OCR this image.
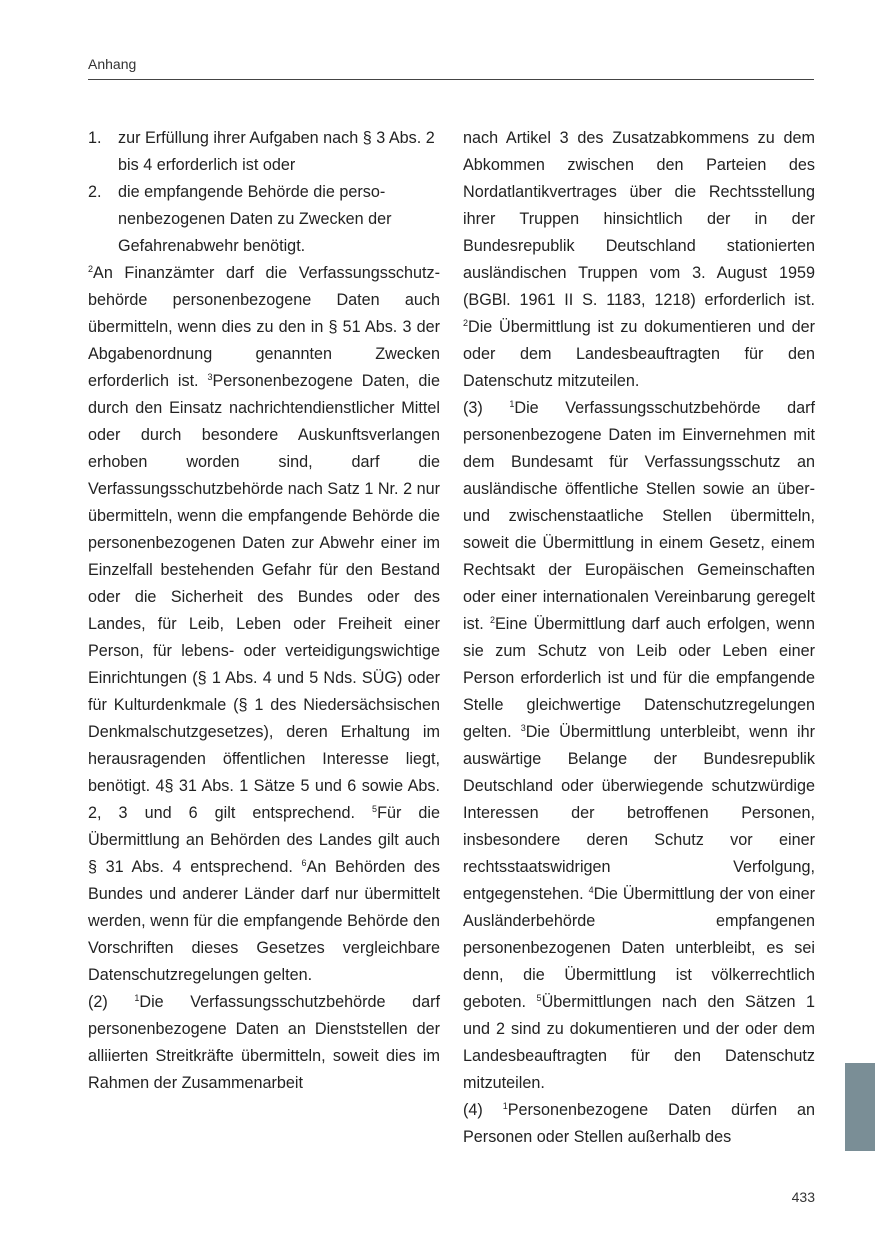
Anhang
1.	zur Erfüllung ihrer Aufgaben nach § 3 Abs. 2 bis 4 erforderlich ist oder
2.	die empfangende Behörde die personenbezogenen Daten zu Zwecken der Gefahrenabwehr benötigt.

$^2$An Finanzämter darf die Verfassungsschutzbehörde personenbezogene Daten auch übermitteln, wenn dies zu den in § 51 Abs. 3 der Abgabenordnung genannten Zwecken erforderlich ist. $^3$Personenbezogene Daten, die durch den Einsatz nachrichtendienstlicher Mittel oder durch besondere Auskunftsverlangen erhoben worden sind, darf die Verfassungsschutzbehörde nach Satz 1 Nr. 2 nur übermitteln, wenn die empfangende Behörde die personenbezogenen Daten zur Abwehr einer im Einzelfall bestehenden Gefahr für den Bestand oder die Sicherheit des Bundes oder des Landes, für Leib, Leben oder Freiheit einer Person, für lebens- oder verteidigungswichtige Einrichtungen (§ 1 Abs. 4 und 5 Nds. SÜG) oder für Kulturdenkmale (§ 1 des Niedersächsischen Denkmalschutzgesetzes), deren Erhaltung im herausragenden öffentlichen Interesse liegt, benötigt. 4§ 31 Abs. 1 Sätze 5 und 6 sowie Abs. 2, 3 und 6 gilt entsprechend. $^5$Für die Übermittlung an Behörden des Landes gilt auch § 31 Abs. 4 entsprechend. $^6$An Behörden des Bundes und anderer Länder darf nur übermittelt werden, wenn für die empfangende Behörde den Vorschriften dieses Gesetzes vergleichbare Datenschutzregelungen gelten.

(2) $^1$Die Verfassungsschutzbehörde darf personenbezogene Daten an Dienststellen der alliierten Streitkräfte übermitteln, soweit dies im Rahmen der Zusammenarbeit

nach Artikel 3 des Zusatzabkommens zu dem Abkommen zwischen den Parteien des Nordatlantikvertrages über die Rechtsstellung ihrer Truppen hinsichtlich der in der Bundesrepublik Deutschland stationierten ausländischen Truppen vom 3. August 1959 (BGBl. 1961 II S. 1183, 1218) erforderlich ist. $^2$Die Übermittlung ist zu dokumentieren und der oder dem Landesbeauftragten für den Datenschutz mitzuteilen.

(3) $^1$Die Verfassungsschutzbehörde darf personenbezogene Daten im Einvernehmen mit dem Bundesamt für Verfassungsschutz an ausländische öffentliche Stellen sowie an über- und zwischenstaatliche Stellen übermitteln, soweit die Übermittlung in einem Gesetz, einem Rechtsakt der Europäischen Gemeinschaften oder einer internationalen Vereinbarung geregelt ist. $^2$Eine Übermittlung darf auch erfolgen, wenn sie zum Schutz von Leib oder Leben einer Person erforderlich ist und für die empfangende Stelle gleichwertige Datenschutzregelungen gelten. $^3$Die Übermittlung unterbleibt, wenn ihr auswärtige Belange der Bundesrepublik Deutschland oder überwiegende schutzwürdige Interessen der betroffenen Personen, insbesondere deren Schutz vor einer rechtsstaatswidrigen Verfolgung, entgegenstehen. $^4$Die Übermittlung der von einer Ausländerbehörde empfangenen personenbezogenen Daten unterbleibt, es sei denn, die Übermittlung ist völkerrechtlich geboten. $^5$Übermittlungen nach den Sätzen 1 und 2 sind zu dokumentieren und der oder dem Landesbeauftragten für den Datenschutz mitzuteilen.

(4) $^1$Personenbezogene Daten dürfen an Personen oder Stellen außerhalb des

433
